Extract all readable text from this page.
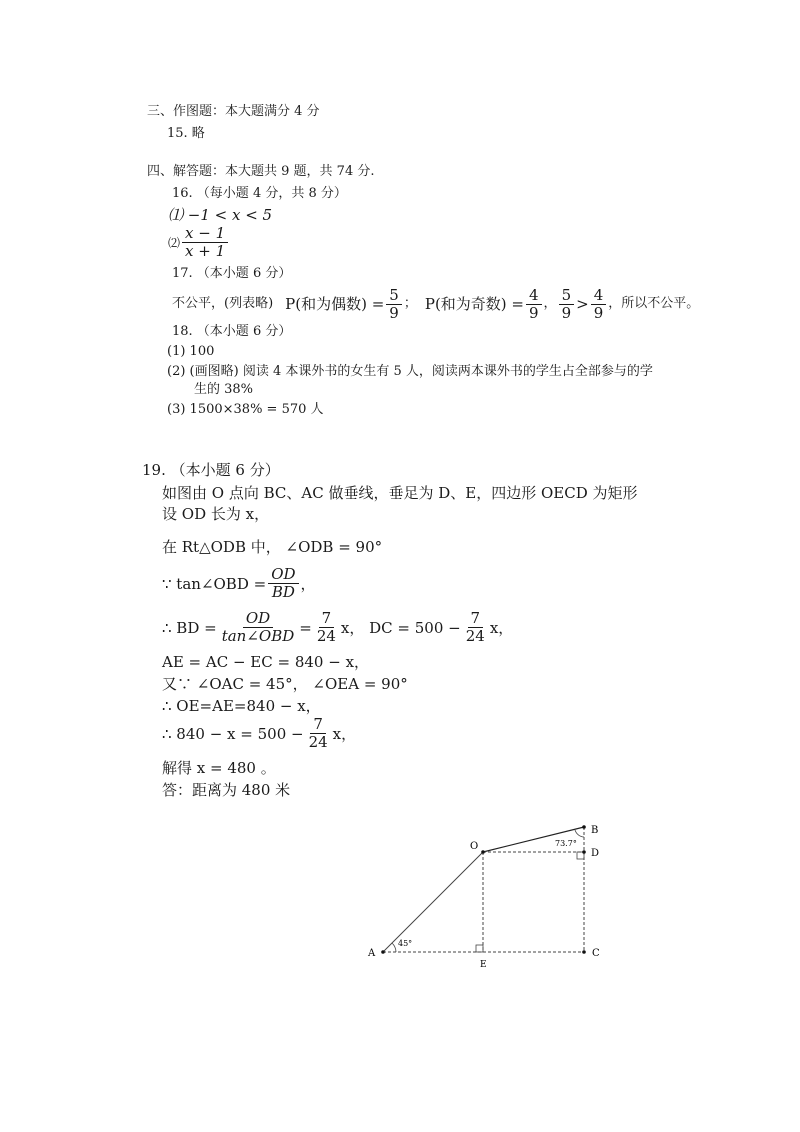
三、作图题：本大题满分 4 分
15. 略
四、解答题：本大题共 9 题，共 74 分.
16. （每小题 4 分，共 8 分）
⑴ −1 < x < 5
⑵ $\frac{x - 1}{x + 1}$
17. （本小题 6 分）
不公平，(列表略) P(和为偶数) = $\frac{5}{9}$ ； P(和为奇数) = $\frac{4}{9}$ ， $\frac{5}{9} > \frac{4}{9}$ ，所以不公平。
18. （本小题 6 分）
(1) 100
(2) (画图略) 阅读 4 本课外书的女生有 5 人，阅读两本课外书的学生占全部参与的学
生的 38%
(3) 1500×38% = 570 人
19. （本小题 6 分）
如图由 O 点向 BC、AC 做垂线，垂足为 D、E，四边形 OECD 为矩形
设 OD 长为 x，
在 Rt△ODB 中， ∠ODB = 90°
∵ tan∠OBD = $\frac{OD}{BD}$ ，
∴ BD = $\frac{OD}{\text{tan∠OBD}} = \frac{7}{24}$ x， DC = $500 - \frac{7}{24}$ x，
AE = AC − EC = 840 − x，
又∵ ∠OAC = 45°， ∠OEA = 90°
∴ OE=AE=840 − x，
∴ $840 - x = 500 - \frac{7}{24}$ x，
解得 x = 480 。
答：距离为 480 米
O
B
D
A
E
C
45°
73.7°
